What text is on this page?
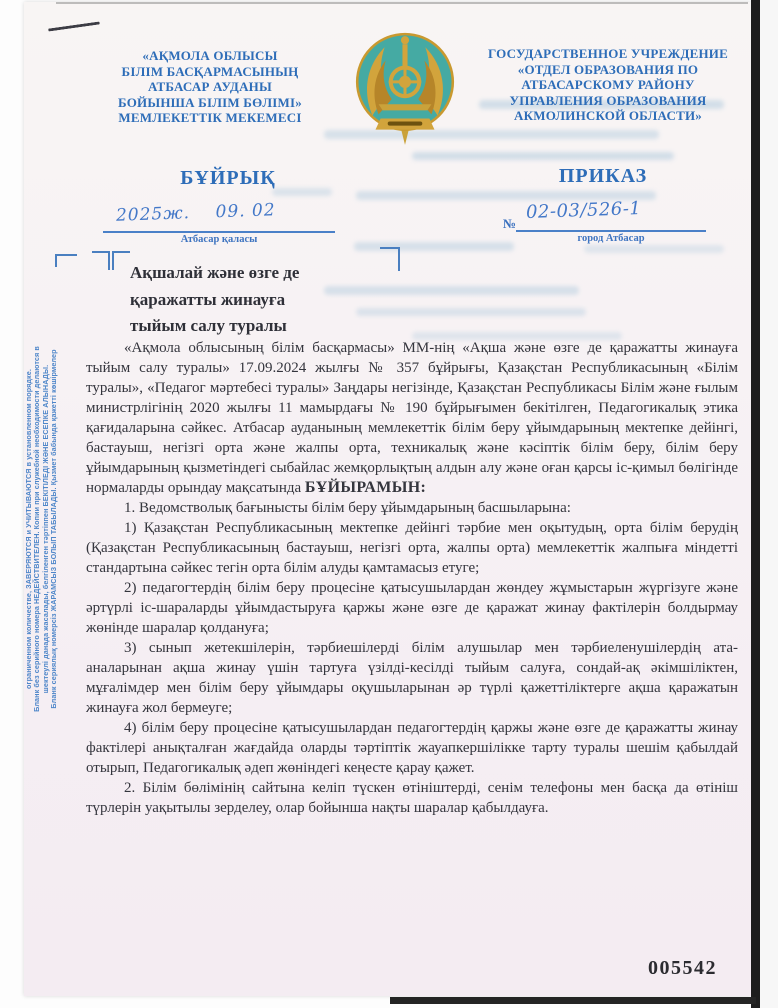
«АҚМОЛА ОБЛЫСЫ
БІЛІМ БАСҚАРМАСЫНЫҢ
АТБАСАР АУДАНЫ
БОЙЫНША БІЛІМ БӨЛІМІ»
МЕМЛЕКЕТТІК МЕКЕМЕСІ
ГОСУДАРСТВЕННОЕ УЧРЕЖДЕНИЕ
«ОТДЕЛ ОБРАЗОВАНИЯ ПО
АТБАСАРСКОМУ РАЙОНУ
УПРАВЛЕНИЯ ОБРАЗОВАНИЯ
АКМОЛИНСКОЙ ОБЛАСТИ»
БҰЙРЫҚ	ПРИКАЗ
2025ж.    09. 02
Атбасар қаласы
№
02-03/526-1
город Атбасар
Ақшалай және өзге де
қаражатты жинауға
тыйым салу туралы

«Ақмола облысының білім басқармасы» ММ-нің «Ақша және өзге де қаражатты жинауға тыйым салу туралы» 17.09.2024 жылғы № 357 бұйрығы, Қазақстан Республикасының «Білім туралы», «Педагог мәртебесі туралы» Заңдары негізінде, Қазақстан Республикасы Білім және ғылым министрлігінің 2020 жылғы 11 мамырдағы № 190 бұйрығымен бекітілген, Педагогикалық этика қағидаларына сәйкес. Атбасар ауданының мемлекеттік білім беру ұйымдарының мектепке дейінгі, бастауыш, негізгі орта және жалпы орта, техникалық және кәсіптік білім беру, білім беру ұйымдарының қызметіндегі сыбайлас жемқорлықтың алдын алу және оған қарсы іс-қимыл бөлігінде нормаларды орындау мақсатында БҰЙЫРАМЫН:

1. Ведомстволық бағынысты білім беру ұйымдарының басшыларына:

1) Қазақстан Республикасының мектепке дейінгі тәрбие мен оқытудың, орта білім берудің (Қазақстан Республикасының бастауыш, негізгі орта, жалпы орта) мемлекеттік жалпыға міндетті стандартына сәйкес тегін орта білім алуды қамтамасыз етуге;

2) педагогтердің білім беру процесіне қатысушылардан жөндеу жұмыстарын жүргізуге және әртүрлі іс-шараларды ұйымдастыруға қаржы және өзге де қаражат жинау фактілерін болдырмау жөнінде шаралар қолдануға;

3) сынып жетекшілерін, тәрбиешілерді білім алушылар мен тәрбиеленушілердің ата-аналарынан ақша жинау үшін тартуға үзілді-кесілді тыйым салуға, сондай-ақ әкімшіліктен, мұғалімдер мен білім беру ұйымдары оқушыларынан әр түрлі қажеттіліктерге ақша қаражатын жинауға жол бермеуге;

4) білім беру процесіне қатысушылардан педагогтердің қаржы және өзге де қаражатты жинау фактілері анықталған жағдайда оларды тәртіптік жауапкершілікке тарту туралы шешім қабылдай отырып, Педагогикалық әдеп жөніндегі кеңесте қарау қажет.

2. Білім бөлімінің сайтына келіп түскен өтініштерді, сенім телефоны мен басқа да өтініш түрлерін уақытылы зерделеу, олар бойынша нақты шаралар қабылдауға.

ограниченном количестве, ЗАВЕРЯЮТСЯ и УЧИТЫВАЮТСЯ в установленном порядке. Бланк без серийного номера НЕДЕЙСТВИТЕЛЕН. Копии при служебной необходимости делаются в шектеулі данада жасалады, белгіленген тәртіппен БЕКІТІЛЕДІ ЖӘНЕ ЕСЕПКЕ АЛЫНАДЫ. Бланк сериялық номерсіз ЖАРАМСЫЗ БОЛЫП ТАБЫЛАДЫ. Қызмет бабында қажетті көшірмелер
005542
